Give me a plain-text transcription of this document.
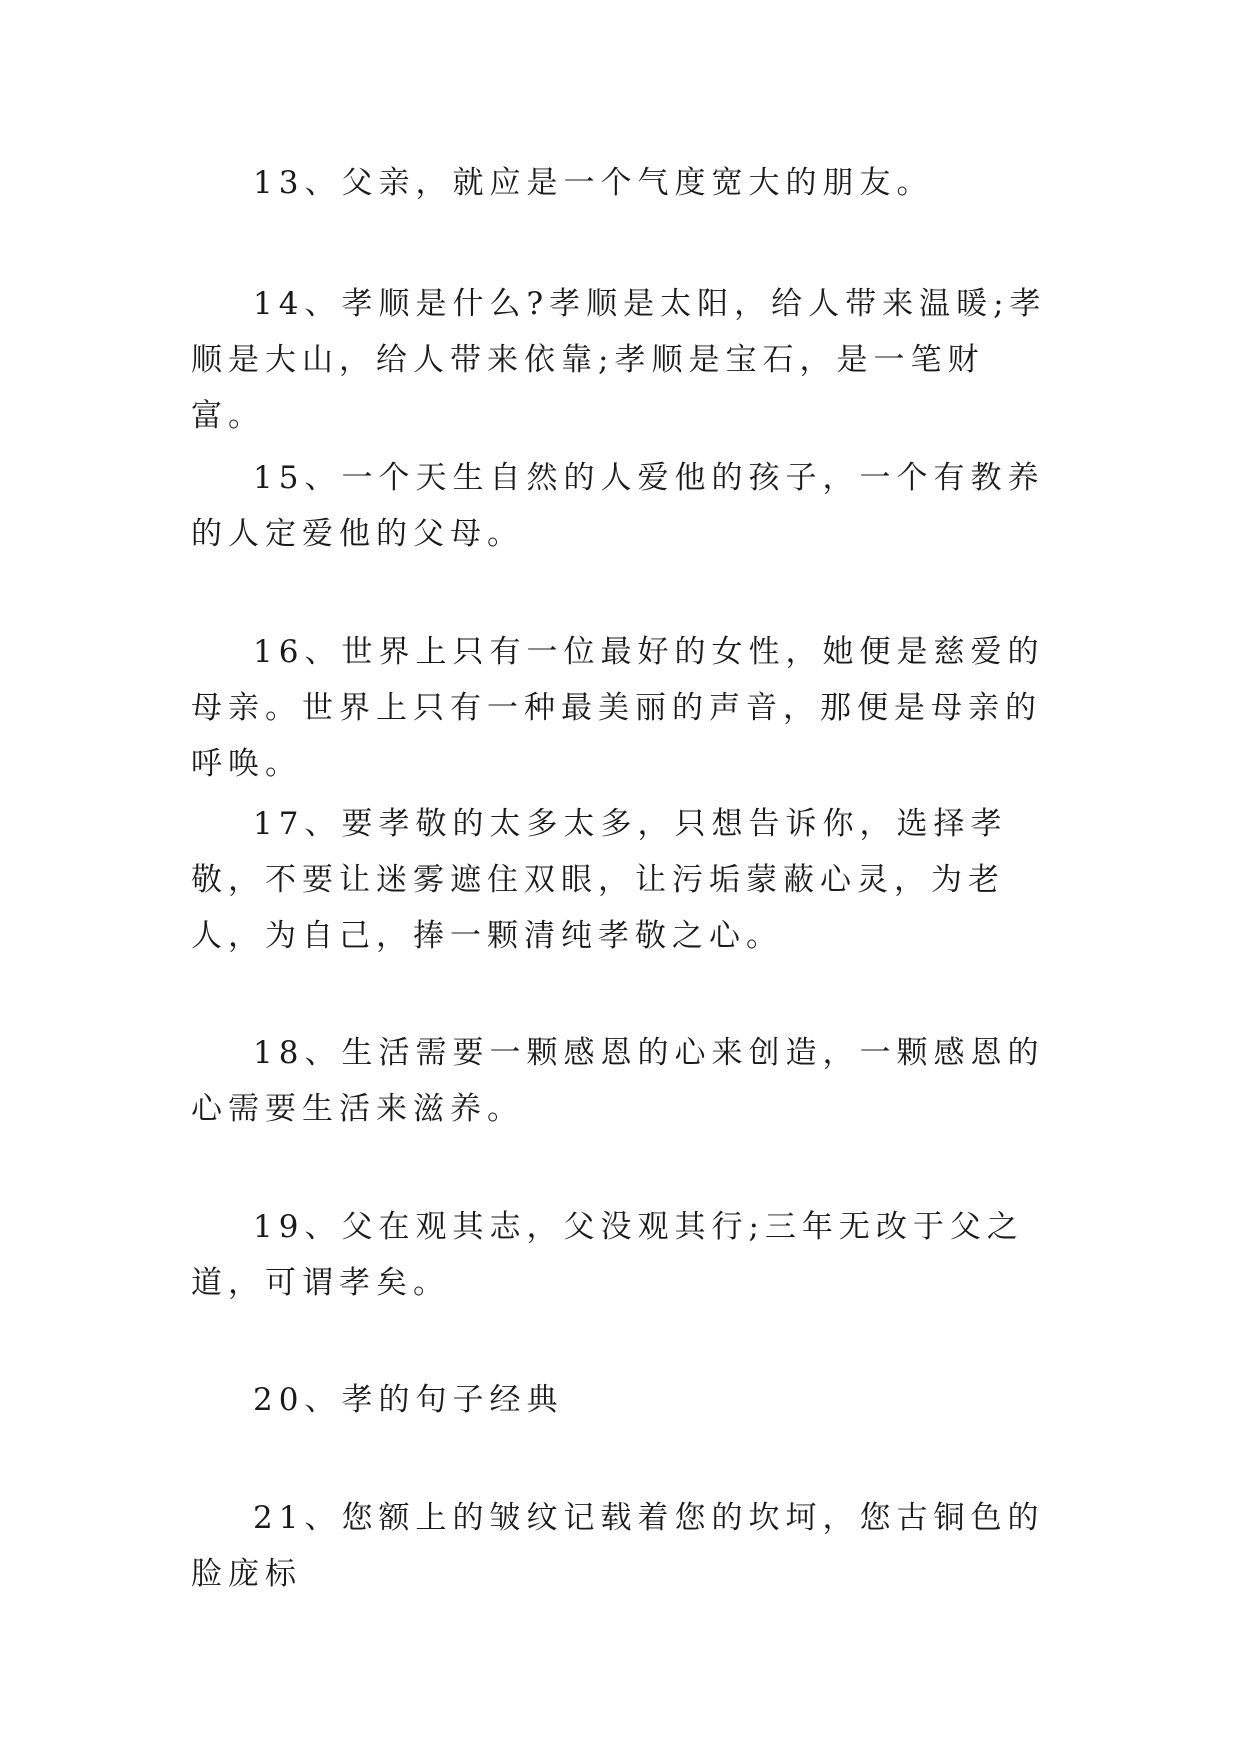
13、父亲，就应是一个气度宽大的朋友。

14、孝顺是什么?孝顺是太阳，给人带来温暖;孝顺是大山，给人带来依靠;孝顺是宝石，是一笔财富。

15、一个天生自然的人爱他的孩子，一个有教养的人定爱他的父母。

16、世界上只有一位最好的女性，她便是慈爱的母亲。世界上只有一种最美丽的声音，那便是母亲的呼唤。

17、要孝敬的太多太多，只想告诉你，选择孝敬，不要让迷雾遮住双眼，让污垢蒙蔽心灵，为老人，为自己，捧一颗清纯孝敬之心。

18、生活需要一颗感恩的心来创造，一颗感恩的心需要生活来滋养。

19、父在观其志，父没观其行;三年无改于父之道，可谓孝矣。

20、孝的句子经典

21、您额上的皱纹记载着您的坎坷，您古铜色的脸庞标
